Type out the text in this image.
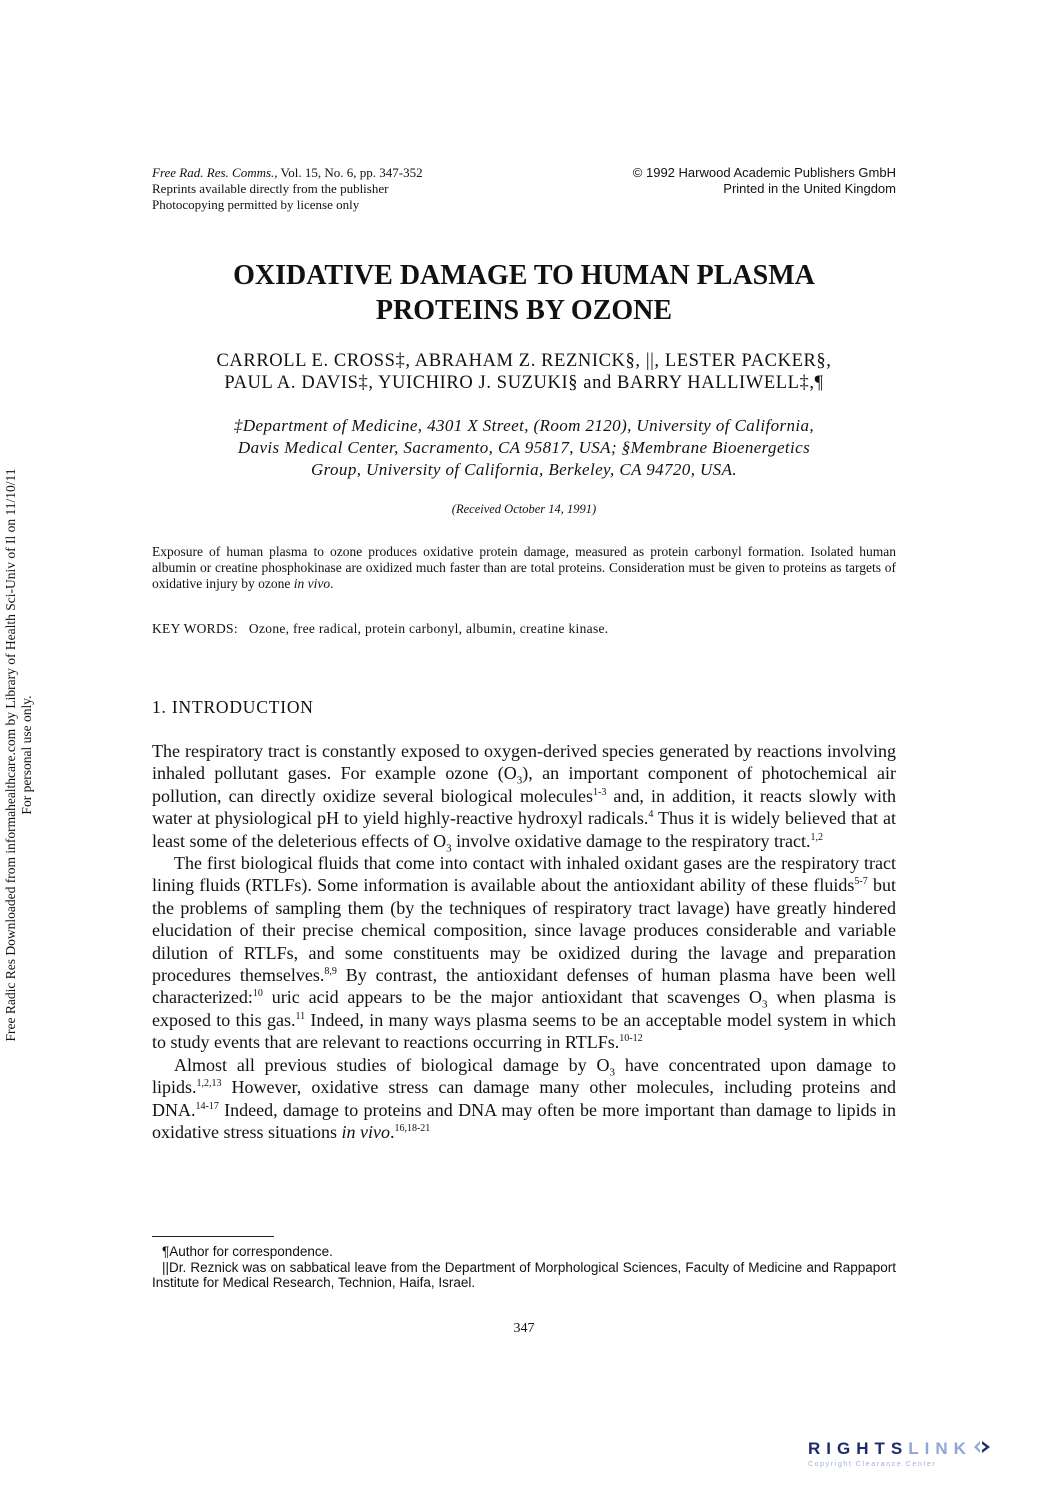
Free Rad. Res. Comms., Vol. 15, No. 6, pp. 347-352
Reprints available directly from the publisher
Photocopying permitted by license only
© 1992 Harwood Academic Publishers GmbH
Printed in the United Kingdom
OXIDATIVE DAMAGE TO HUMAN PLASMA
PROTEINS BY OZONE
CARROLL E. CROSS‡, ABRAHAM Z. REZNICK§, ||, LESTER PACKER§,
PAUL A. DAVIS‡, YUICHIRO J. SUZUKI§ and BARRY HALLIWELL‡,¶
‡Department of Medicine, 4301 X Street, (Room 2120), University of California,
Davis Medical Center, Sacramento, CA 95817, USA; §Membrane Bioenergetics
Group, University of California, Berkeley, CA 94720, USA.
(Received October 14, 1991)
Exposure of human plasma to ozone produces oxidative protein damage, measured as protein carbonyl formation. Isolated human albumin or creatine phosphokinase are oxidized much faster than are total proteins. Consideration must be given to proteins as targets of oxidative injury by ozone in vivo.
KEY WORDS: Ozone, free radical, protein carbonyl, albumin, creatine kinase.
1. INTRODUCTION

The respiratory tract is constantly exposed to oxygen-derived species generated by reactions involving inhaled pollutant gases. For example ozone $(O_3)$, an important component of photochemical air pollution, can directly oxidize several biological molecules$^{1-3}$ and, in addition, it reacts slowly with water at physiological pH to yield highly-reactive hydroxyl radicals.$^4$ Thus it is widely believed that at least some of the deleterious effects of $O_3$ involve oxidative damage to the respiratory tract.$^{1,2}$

The first biological fluids that come into contact with inhaled oxidant gases are the respiratory tract lining fluids (RTLFs). Some information is available about the antioxidant ability of these fluids$^{5-7}$ but the problems of sampling them (by the techniques of respiratory tract lavage) have greatly hindered elucidation of their precise chemical composition, since lavage produces considerable and variable dilution of RTLFs, and some constituents may be oxidized during the lavage and preparation procedures themselves.$^{8,9}$ By contrast, the antioxidant defenses of human plasma have been well characterized:$^{10}$ uric acid appears to be the major antioxidant that scavenges $O_3$ when plasma is exposed to this gas.$^{11}$ Indeed, in many ways plasma seems to be an acceptable model system in which to study events that are relevant to reactions occurring in RTLFs.$^{10-12}$

Almost all previous studies of biological damage by $O_3$ have concentrated upon damage to lipids.$^{1,2,13}$ However, oxidative stress can damage many other molecules, including proteins and DNA.$^{14-17}$ Indeed, damage to proteins and DNA may often be more important than damage to lipids in oxidative stress situations in vivo.$^{16,18-21}$

¶Author for correspondence.

||Dr. Reznick was on sabbatical leave from the Department of Morphological Sciences, Faculty of Medicine and Rappaport Institute for Medical Research, Technion, Haifa, Israel.

347
Free Radic Res Downloaded from informahealthcare.com by Library of Health Sci-Univ of Il on 11/10/11 For personal use only.
RIGHTSLINK
Copyright Clearance Center
